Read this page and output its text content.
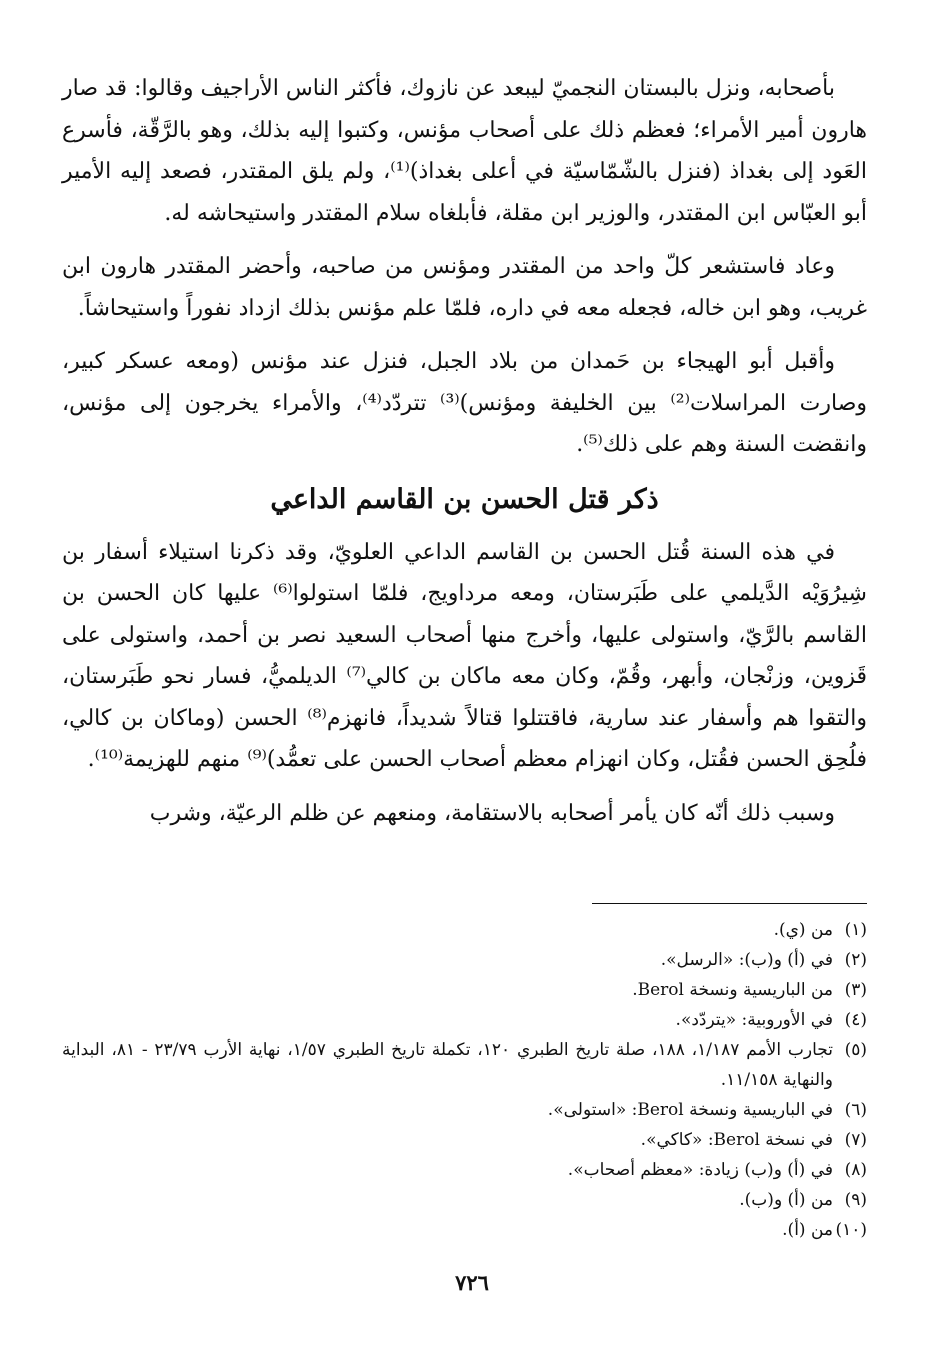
بأصحابه، ونزل بالبستان النجميّ ليبعد عن نازوك، فأكثر الناس الأراجيف وقالوا: قد صار هارون أمير الأمراء؛ فعظم ذلك على أصحاب مؤنس، وكتبوا إليه بذلك، وهو بالرَّقّة، فأسرع العَود إلى بغداذ (فنزل بالشّمّاسيّة في أعلى بغداذ)⁽¹⁾، ولم يلق المقتدر، فصعد إليه الأمير أبو العبّاس ابن المقتدر، والوزير ابن مقلة، فأبلغاه سلام المقتدر واستيحاشه له.

وعاد فاستشعر كلّ واحد من المقتدر ومؤنس من صاحبه، وأحضر المقتدر هارون ابن غريب، وهو ابن خاله، فجعله معه في داره، فلمّا علم مؤنس بذلك ازداد نفوراً واستيحاشاً.

وأقبل أبو الهيجاء بن حَمدان من بلاد الجبل، فنزل عند مؤنس (ومعه عسكر كبير، وصارت المراسلات⁽²⁾ بين الخليفة ومؤنس)⁽³⁾ تتردّد⁽⁴⁾، والأمراء يخرجون إلى مؤنس، وانقضت السنة وهم على ذلك⁽⁵⁾.

ذكر قتل الحسن بن القاسم الداعي

في هذه السنة قُتل الحسن بن القاسم الداعي العلويّ، وقد ذكرنا استيلاء أسفار بن شِيرُوَيْه الدَّيلمي على طَبَرستان، ومعه مرداويج، فلمّا استولوا⁽⁶⁾ عليها كان الحسن بن القاسم بالرَّيّ، واستولى عليها، وأخرج منها أصحاب السعيد نصر بن أحمد، واستولى على قَزوين، وزنْجان، وأبهر، وقُمّ، وكان معه ماكان بن كالي⁽⁷⁾ الديلميُّ، فسار نحو طَبَرستان، والتقوا هم وأسفار عند سارية، فاقتتلوا قتالاً شديداً، فانهزم⁽⁸⁾ الحسن (وماكان بن كالي، فلُحِق الحسن فقُتل، وكان انهزام معظم أصحاب الحسن على تعمُّد)⁽⁹⁾ منهم للهزيمة⁽¹⁰⁾.

وسبب ذلك أنّه كان يأمر أصحابه بالاستقامة، ومنعهم عن ظلم الرعيّة، وشرب

(١)
من (ي).
(٢)
في (أ) و(ب): «الرسل».
(٣)
من الباريسية ونسخة Berol.
(٤)
في الأوروبية: «يتردّد».
(٥)
تجارب الأمم ١/١٨٧، ١٨٨، صلة تاريخ الطبري ١٢٠، تكملة تاريخ الطبري ١/٥٧، نهاية الأرب ٢٣/٧٩ - ٨١، البداية والنهاية ١١/١٥٨.
(٦)
في الباريسية ونسخة Berol: «استولى».
(٧)
في نسخة Berol: «كاكي».
(٨)
في (أ) و(ب) زيادة: «معظم أصحاب».
(٩)
من (أ) و(ب).
(١٠)
من (أ).
٧٢٦
